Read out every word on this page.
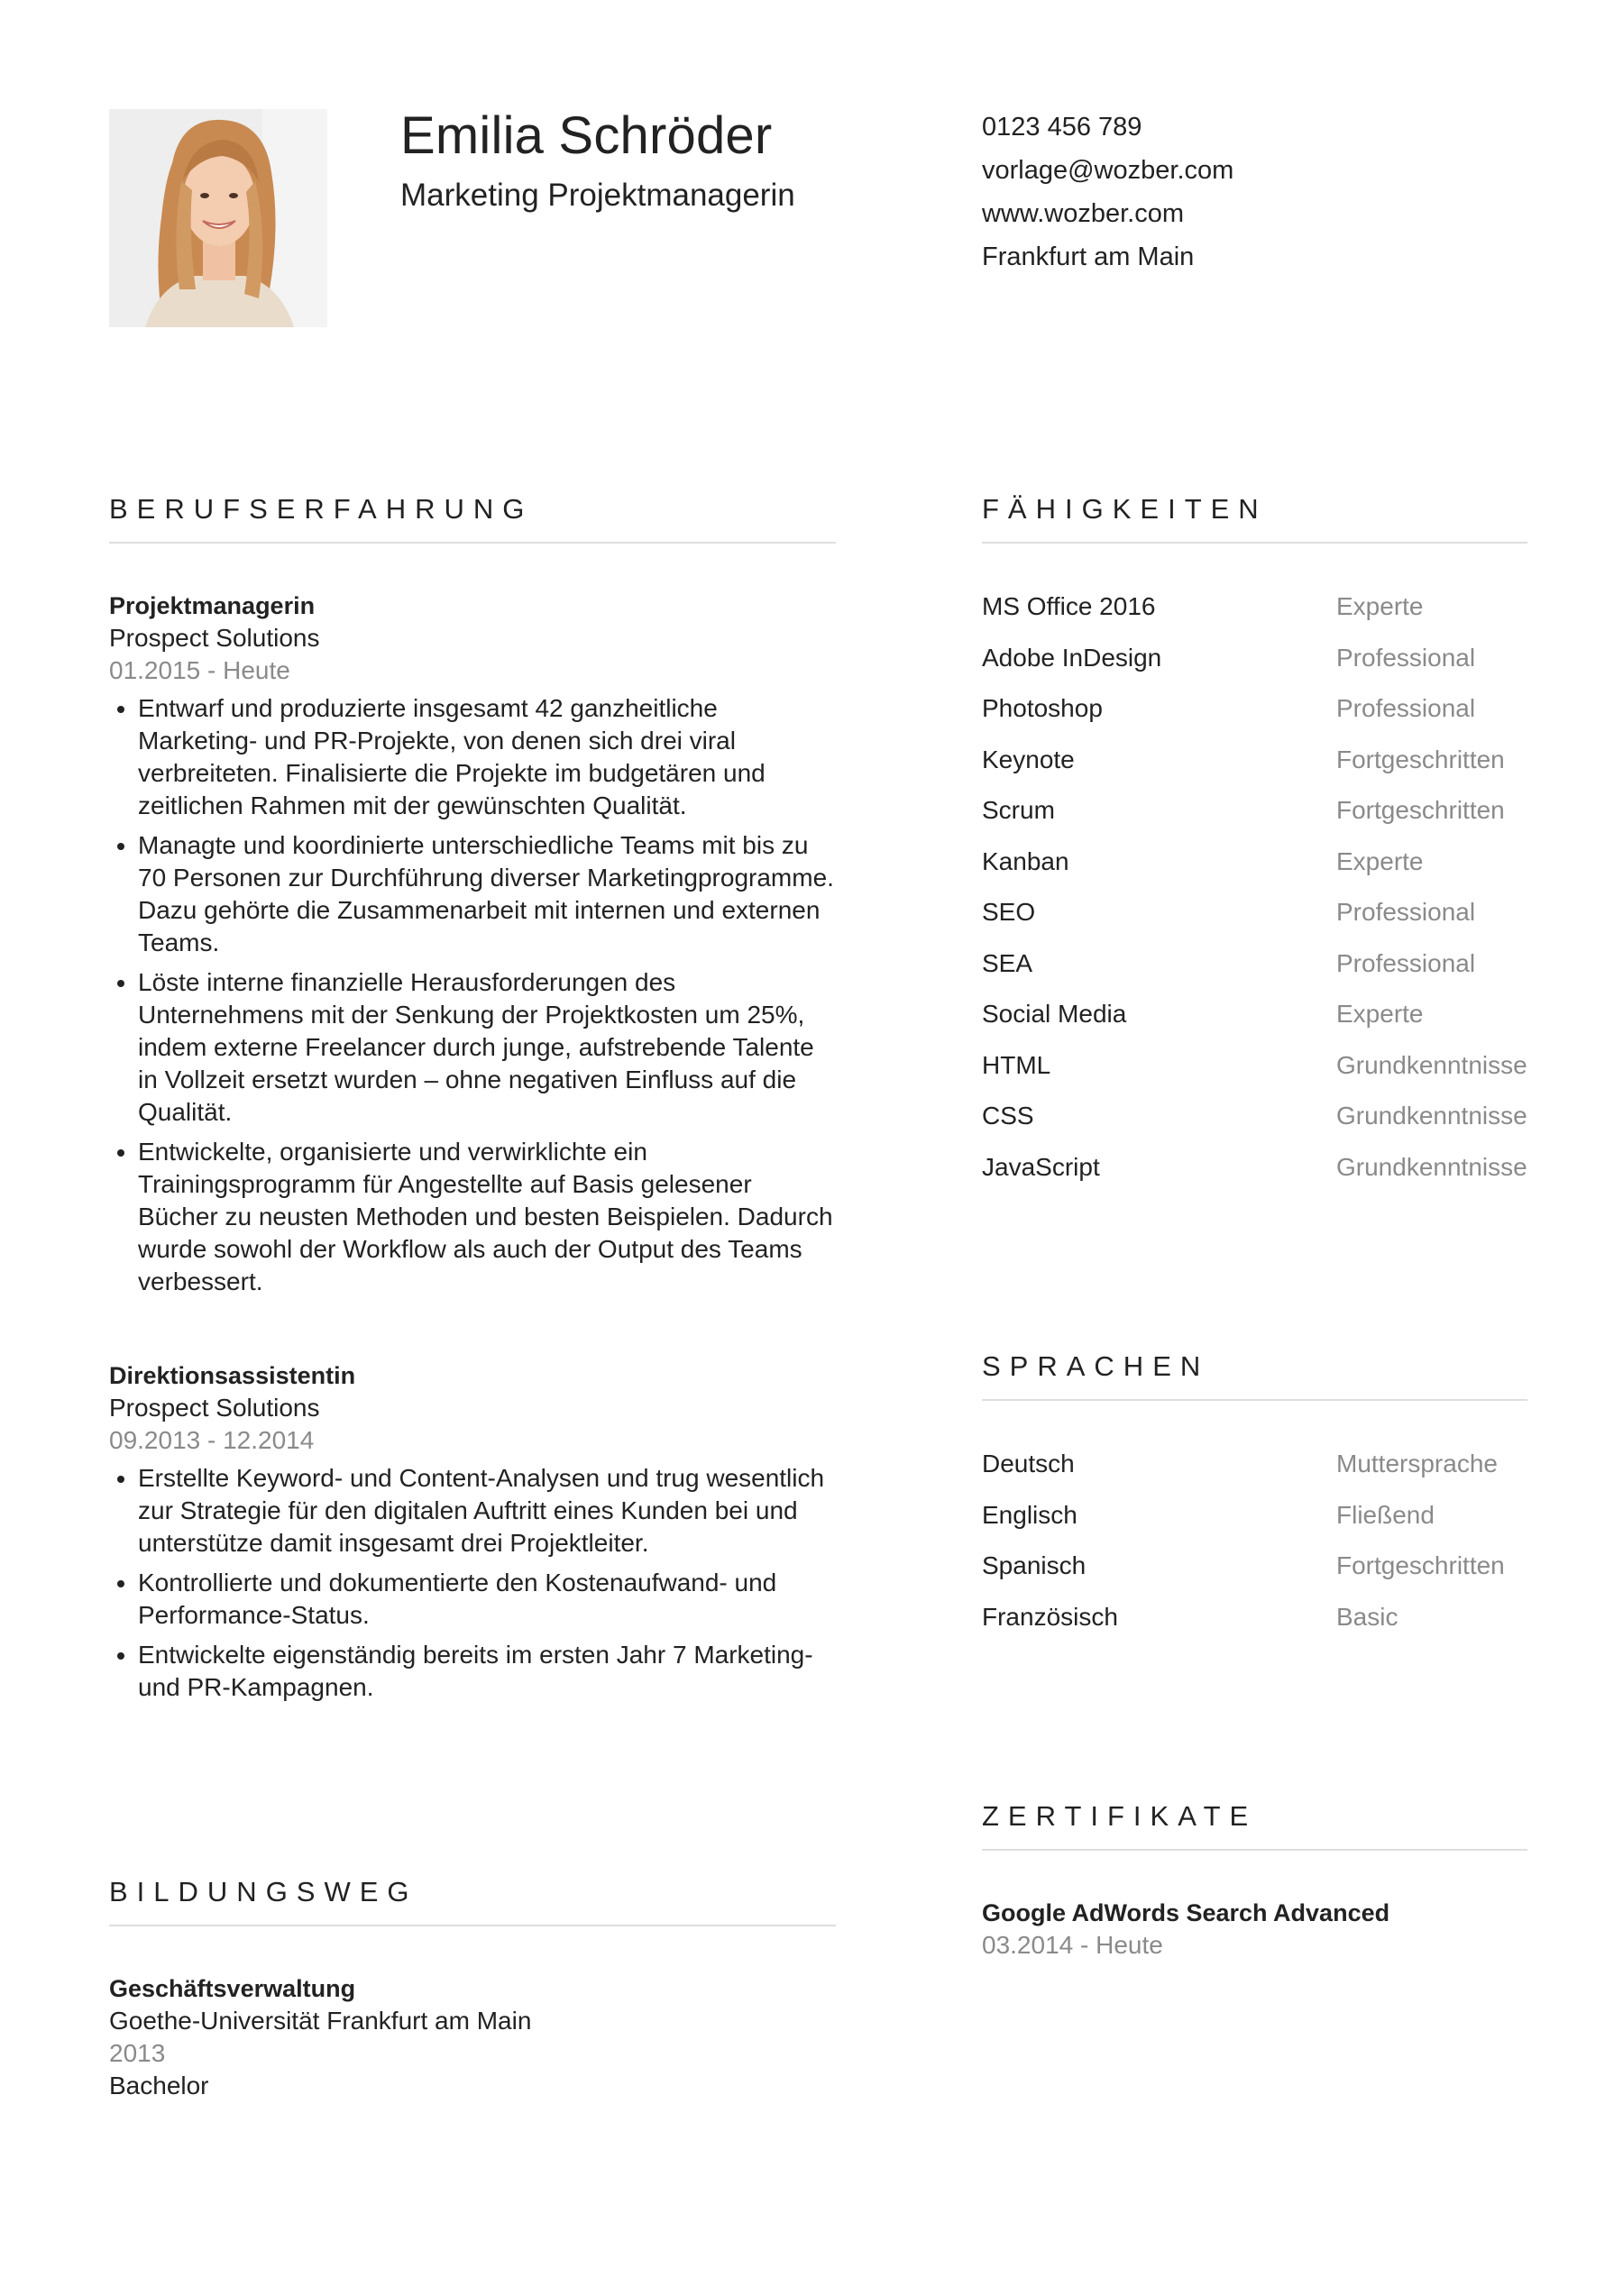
Emilia Schröder
Marketing Projektmanagerin
0123 456 789
vorlage@wozber.com
www.wozber.com
Frankfurt am Main
BERUFSERFAHRUNG
Projektmanagerin
Prospect Solutions
01.2015 - Heute
• Entwarf und produzierte insgesamt 42 ganzheitliche Marketing- und PR-Projekte, von denen sich drei viral verbreiteten. Finalisierte die Projekte im budgetären und zeitlichen Rahmen mit der gewünschten Qualität.
• Managte und koordinierte unterschiedliche Teams mit bis zu 70 Personen zur Durchführung diverser Marketingprogramme. Dazu gehörte die Zusammenarbeit mit internen und externen Teams.
• Löste interne finanzielle Herausforderungen des Unternehmens mit der Senkung der Projektkosten um 25%, indem externe Freelancer durch junge, aufstrebende Talente in Vollzeit ersetzt wurden – ohne negativen Einfluss auf die Qualität.
• Entwickelte, organisierte und verwirklichte ein Trainingsprogramm für Angestellte auf Basis gelesener Bücher zu neusten Methoden und besten Beispielen. Dadurch wurde sowohl der Workflow als auch der Output des Teams verbessert.
Direktionsassistentin
Prospect Solutions
09.2013 - 12.2014
• Erstellte Keyword- und Content-Analysen und trug wesentlich zur Strategie für den digitalen Auftritt eines Kunden bei und unterstütze damit insgesamt drei Projektleiter.
• Kontrollierte und dokumentierte den Kostenaufwand- und Performance-Status.
• Entwickelte eigenständig bereits im ersten Jahr 7 Marketing- und PR-Kampagnen.
BILDUNGSWEG
Geschäftsverwaltung
Goethe-Universität Frankfurt am Main
2013
Bachelor
FÄHIGKEITEN
MS Office 2016	Experte
Adobe InDesign	Professional
Photoshop	Professional
Keynote	Fortgeschritten
Scrum	Fortgeschritten
Kanban	Experte
SEO	Professional
SEA	Professional
Social Media	Experte
HTML	Grundkenntnisse
CSS	Grundkenntnisse
JavaScript	Grundkenntnisse
SPRACHEN
Deutsch	Muttersprache
Englisch	Fließend
Spanisch	Fortgeschritten
Französisch	Basic
ZERTIFIKATE
Google AdWords Search Advanced
03.2014 - Heute
